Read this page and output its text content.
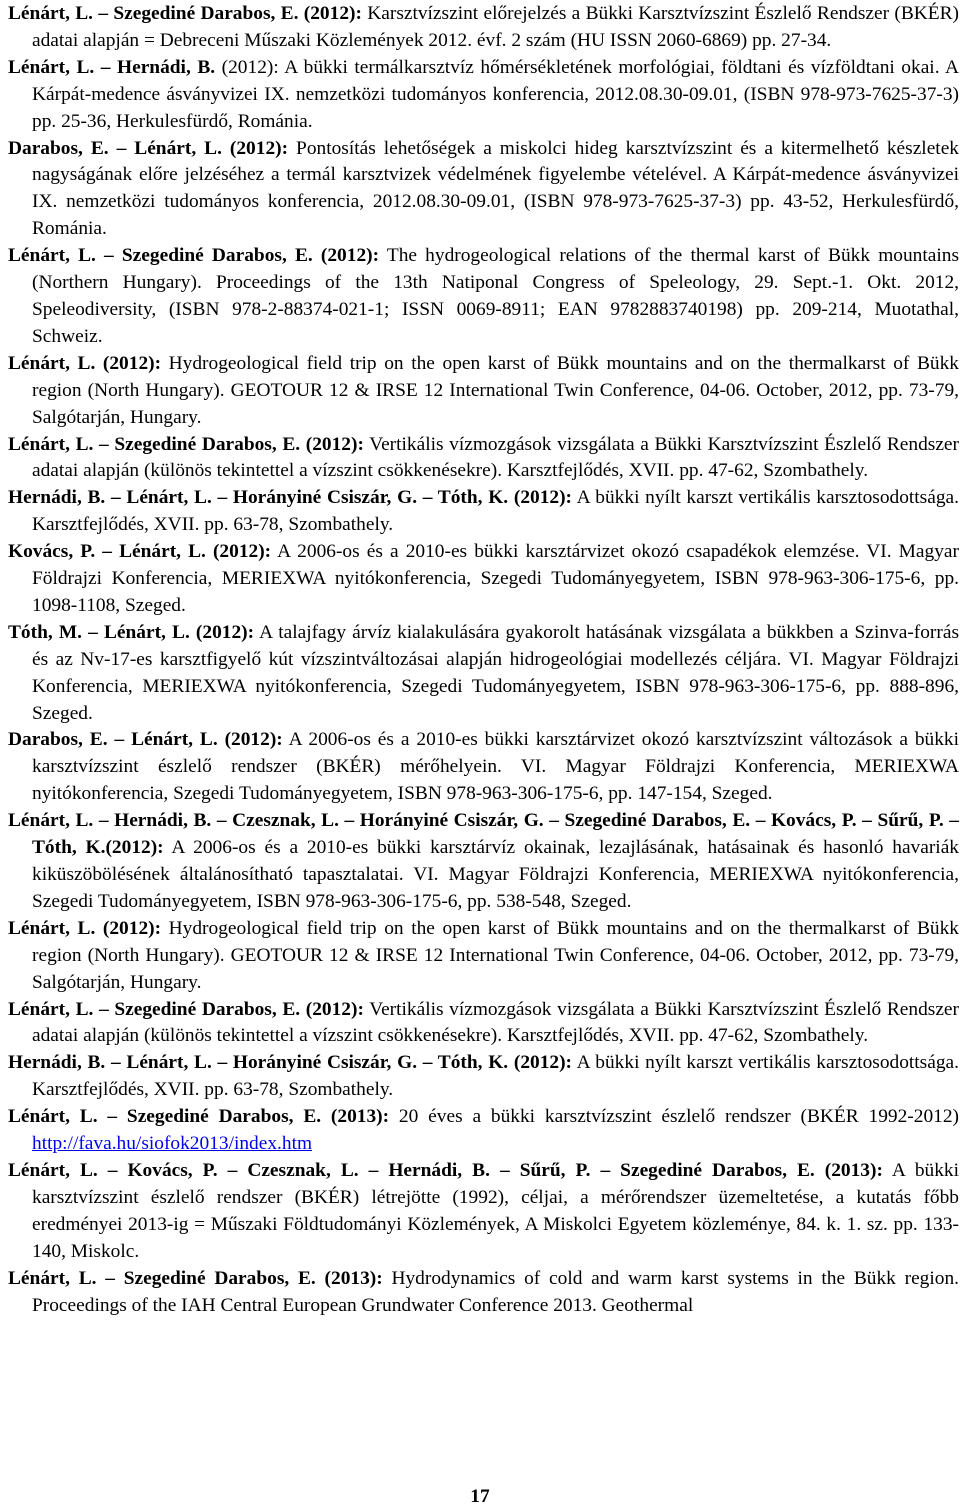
Lénárt, L. – Szegediné Darabos, E. (2012): Karsztvízszint előrejelzés a Bükki Karsztvízszint Észlelő Rendszer (BKÉR) adatai alapján = Debreceni Műszaki Közlemények 2012. évf. 2 szám (HU ISSN 2060-6869) pp. 27-34.

Lénárt, L. – Hernádi, B. (2012): A bükki termálkarsztvíz hőmérsékletének morfológiai, földtani és vízföldtani okai. A Kárpát-medence ásványvizei IX. nemzetközi tudományos konferencia, 2012.08.30-09.01, (ISBN 978-973-7625-37-3) pp. 25-36, Herkulesfürdő, Románia.

Darabos, E. – Lénárt, L. (2012): Pontosítás lehetőségek a miskolci hideg karsztvízszint és a kitermelhető készletek nagyságának előre jelzéséhez a termál karsztvizek védelmének figyelembe vételével. A Kárpát-medence ásványvizei IX. nemzetközi tudományos konferencia, 2012.08.30-09.01, (ISBN 978-973-7625-37-3) pp. 43-52, Herkulesfürdő, Románia.

Lénárt, L. – Szegediné Darabos, E. (2012): The hydrogeological relations of the thermal karst of Bükk mountains (Northern Hungary). Proceedings of the 13th Natiponal Congress of Speleology, 29. Sept.-1. Okt. 2012, Speleodiversity, (ISBN 978-2-88374-021-1; ISSN 0069-8911; EAN 9782883740198) pp. 209-214, Muotathal, Schweiz.

Lénárt, L. (2012): Hydrogeological field trip on the open karst of Bükk mountains and on the thermalkarst of Bükk region (North Hungary). GEOTOUR 12 & IRSE 12 International Twin Conference, 04-06. October, 2012, pp. 73-79, Salgótarján, Hungary.

Lénárt, L. – Szegediné Darabos, E. (2012): Vertikális vízmozgások vizsgálata a Bükki Karsztvízszint Észlelő Rendszer adatai alapján (különös tekintettel a vízszint csökkenésekre). Karsztfejlődés, XVII. pp. 47-62, Szombathely.

Hernádi, B. – Lénárt, L. – Horányiné Csiszár, G. – Tóth, K. (2012): A bükki nyílt karszt vertikális karsztosodottsága. Karsztfejlődés, XVII. pp. 63-78, Szombathely.

Kovács, P. – Lénárt, L. (2012): A 2006-os és a 2010-es bükki karsztárvizet okozó csapadékok elemzése. VI. Magyar Földrajzi Konferencia, MERIEXWA nyitókonferencia, Szegedi Tudományegyetem, ISBN 978-963-306-175-6, pp. 1098-1108, Szeged.

Tóth, M. – Lénárt, L. (2012): A talajfagy árvíz kialakulására gyakorolt hatásának vizsgálata a bükkben a Szinva-forrás és az Nv-17-es karsztfigyelő kút vízszintváltozásai alapján hidrogeológiai modellezés céljára. VI. Magyar Földrajzi Konferencia, MERIEXWA nyitókonferencia, Szegedi Tudományegyetem, ISBN 978-963-306-175-6, pp. 888-896, Szeged.

Darabos, E. – Lénárt, L. (2012): A 2006-os és a 2010-es bükki karsztárvizet okozó karsztvízszint változások a bükki karsztvízszint észlelő rendszer (BKÉR) mérőhelyein. VI. Magyar Földrajzi Konferencia, MERIEXWA nyitókonferencia, Szegedi Tudományegyetem, ISBN 978-963-306-175-6, pp. 147-154, Szeged.

Lénárt, L. – Hernádi, B. – Czesznak, L. – Horányiné Csiszár, G. – Szegediné Darabos, E. – Kovács, P. – Sűrű, P. – Tóth, K.(2012): A 2006-os és a 2010-es bükki karsztárvíz okainak, lezajlásának, hatásainak és hasonló havariák kiküszöbölésének általánosítható tapasztalatai. VI. Magyar Földrajzi Konferencia, MERIEXWA nyitókonferencia, Szegedi Tudományegyetem, ISBN 978-963-306-175-6, pp. 538-548, Szeged.

Lénárt, L. (2012): Hydrogeological field trip on the open karst of Bükk mountains and on the thermalkarst of Bükk region (North Hungary). GEOTOUR 12 & IRSE 12 International Twin Conference, 04-06. October, 2012, pp. 73-79, Salgótarján, Hungary.

Lénárt, L. – Szegediné Darabos, E. (2012): Vertikális vízmozgások vizsgálata a Bükki Karsztvízszint Észlelő Rendszer adatai alapján (különös tekintettel a vízszint csökkenésekre). Karsztfejlődés, XVII. pp. 47-62, Szombathely.

Hernádi, B. – Lénárt, L. – Horányiné Csiszár, G. – Tóth, K. (2012): A bükki nyílt karszt vertikális karsztosodottsága. Karsztfejlődés, XVII. pp. 63-78, Szombathely.

Lénárt, L. – Szegediné Darabos, E. (2013): 20 éves a bükki karsztvízszint észlelő rendszer (BKÉR 1992-2012) http://fava.hu/siofok2013/index.htm

Lénárt, L. – Kovács, P. – Czesznak, L. – Hernádi, B. – Sűrű, P. – Szegediné Darabos, E. (2013): A bükki karsztvízszint észlelő rendszer (BKÉR) létrejötte (1992), céljai, a mérőrendszer üzemeltetése, a kutatás főbb eredményei 2013-ig = Műszaki Földtudományi Közlemények, A Miskolci Egyetem közleménye, 84. k. 1. sz. pp. 133-140, Miskolc.

Lénárt, L. – Szegediné Darabos, E. (2013): Hydrodynamics of cold and warm karst systems in the Bükk region. Proceedings of the IAH Central European Grundwater Conference 2013. Geothermal

17
